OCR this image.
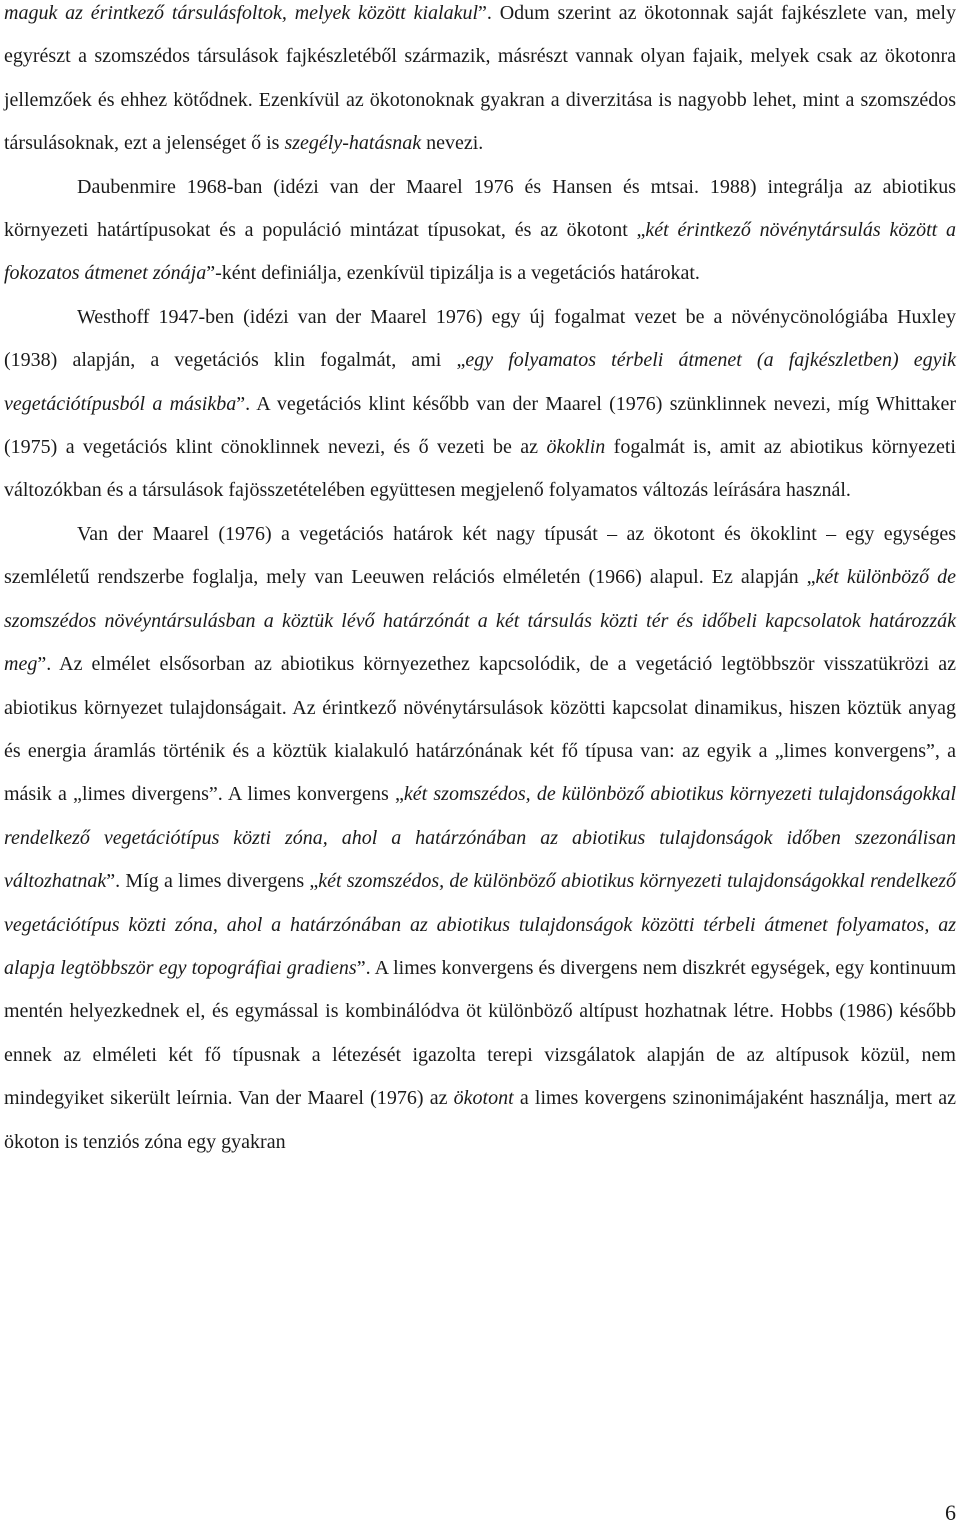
maguk az érintkező társulásfoltok, melyek között kialakul”. Odum szerint az ökotonnak saját fajkészlete van, mely egyrészt a szomszédos társulások fajkészletéből származik, másrészt vannak olyan fajaik, melyek csak az ökotonra jellemzőek és ehhez kötődnek. Ezenkívül az ökotonoknak gyakran a diverzitása is nagyobb lehet, mint a szomszédos társulásoknak, ezt a jelenséget ő is szegély-hatásnak nevezi.

Daubenmire 1968-ban (idézi van der Maarel 1976 és Hansen és mtsai. 1988) integrálja az abiotikus környezeti határtípusokat és a populáció mintázat típusokat, és az ökotont „két érintkező növénytársulás között a fokozatos átmenet zónája”-ként definiálja, ezenkívül tipizálja is a vegetációs határokat.

Westhoff 1947-ben (idézi van der Maarel 1976) egy új fogalmat vezet be a növénycönológiába Huxley (1938) alapján, a vegetációs klin fogalmát, ami „egy folyamatos térbeli átmenet (a fajkészletben) egyik vegetációtípusból a másikba”. A vegetációs klint később van der Maarel (1976) szünklinnek nevezi, míg Whittaker (1975) a vegetációs klint cönoklinnek nevezi, és ő vezeti be az ökoklin fogalmát is, amit az abiotikus környezeti változókban és a társulások fajösszetételében együttesen megjelenő folyamatos változás leírására használ.

Van der Maarel (1976) a vegetációs határok két nagy típusát – az ökotont és ökoklint – egy egységes szemléletű rendszerbe foglalja, mely van Leeuwen relációs elméletén (1966) alapul. Ez alapján „két különböző de szomszédos növéyntársulásban a köztük lévő határzónát a két társulás közti tér és időbeli kapcsolatok határozzák meg”. Az elmélet elsősorban az abiotikus környezethez kapcsolódik, de a vegetáció legtöbbször visszatükrözi az abiotikus környezet tulajdonságait. Az érintkező növénytársulások közötti kapcsolat dinamikus, hiszen köztük anyag és energia áramlás történik és a köztük kialakuló határzónának két fő típusa van: az egyik a „limes konvergens”, a másik a „limes divergens”. A limes konvergens „két szomszédos, de különböző abiotikus környezeti tulajdonságokkal rendelkező vegetációtípus közti zóna, ahol a határzónában az abiotikus tulajdonságok időben szezonálisan változhatnak”. Míg a limes divergens „két szomszédos, de különböző abiotikus környezeti tulajdonságokkal rendelkező vegetációtípus közti zóna, ahol a határzónában az abiotikus tulajdonságok közötti térbeli átmenet folyamatos, az alapja legtöbbször egy topográfiai gradiens”. A limes konvergens és divergens nem diszkrét egységek, egy kontinuum mentén helyezkednek el, és egymással is kombinálódva öt különböző altípust hozhatnak létre. Hobbs (1986) később ennek az elméleti két fő típusnak a létezését igazolta terepi vizsgálatok alapján de az altípusok közül, nem mindegyiket sikerült leírnia. Van der Maarel (1976) az ökotont a limes kovergens szinonimájaként használja, mert az ökoton is tenziós zóna egy gyakran

6
